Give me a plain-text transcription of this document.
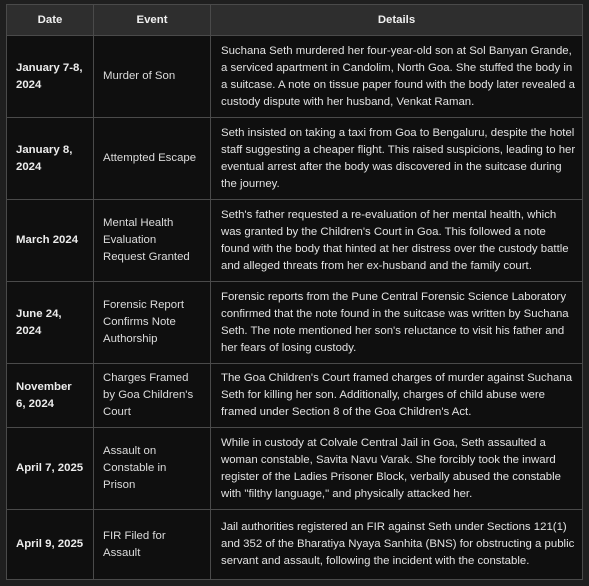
Date	Event	Details
January 7-8, 2024	Murder of Son	Suchana Seth murdered her four-year-old son at Sol Banyan Grande, a serviced apartment in Candolim, North Goa. She stuffed the body in a suitcase. A note on tissue paper found with the body later revealed a custody dispute with her husband, Venkat Raman.
January 8, 2024	Attempted Escape	Seth insisted on taking a taxi from Goa to Bengaluru, despite the hotel staff suggesting a cheaper flight. This raised suspicions, leading to her eventual arrest after the body was discovered in the suitcase during the journey.
March 2024	Mental Health Evaluation Request Granted	Seth's father requested a re-evaluation of her mental health, which was granted by the Children's Court in Goa. This followed a note found with the body that hinted at her distress over the custody battle and alleged threats from her ex-husband and the family court.
June 24, 2024	Forensic Report Confirms Note Authorship	Forensic reports from the Pune Central Forensic Science Laboratory confirmed that the note found in the suitcase was written by Suchana Seth. The note mentioned her son's reluctance to visit his father and her fears of losing custody.
November 6, 2024	Charges Framed by Goa Children's Court	The Goa Children's Court framed charges of murder against Suchana Seth for killing her son. Additionally, charges of child abuse were framed under Section 8 of the Goa Children's Act.
April 7, 2025	Assault on Constable in Prison	While in custody at Colvale Central Jail in Goa, Seth assaulted a woman constable, Savita Navu Varak. She forcibly took the inward register of the Ladies Prisoner Block, verbally abused the constable with "filthy language," and physically attacked her.
April 9, 2025	FIR Filed for Assault	Jail authorities registered an FIR against Seth under Sections 121(1) and 352 of the Bharatiya Nyaya Sanhita (BNS) for obstructing a public servant and assault, following the incident with the constable.
